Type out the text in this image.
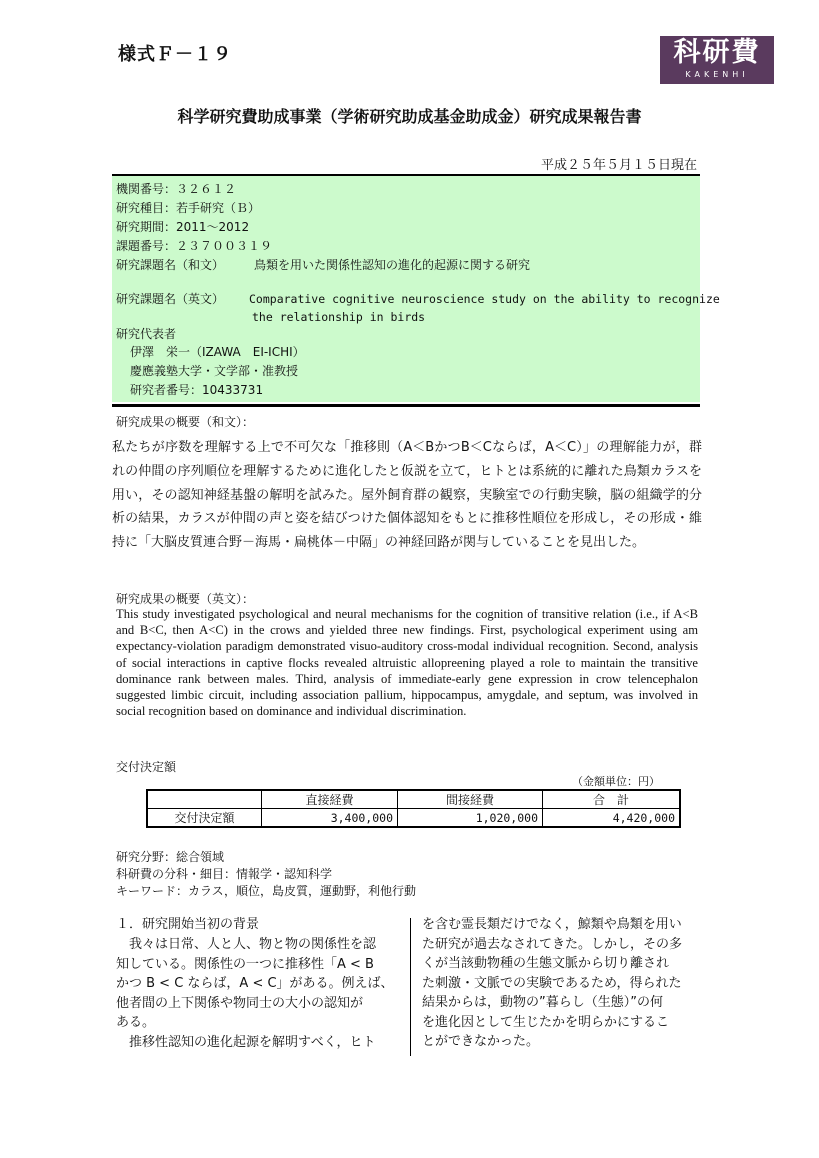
様式Ｆ－１９	科研費
KAKENHI
科学研究費助成事業（学術研究助成基金助成金）研究成果報告書
平成２５年５月１５日現在
機関番号：３２６１２
研究種目：若手研究（Ｂ）
研究期間：2011～2012
課題番号：２３７００３１９
研究課題名（和文） 鳥類を用いた関係性認知の進化的起源に関する研究
研究課題名（英文） Comparative cognitive neuroscience study on the ability to recognize
the relationship in birds
研究代表者
伊澤　栄一（IZAWA　EI-ICHI）
慶應義塾大学・文学部・准教授
研究者番号：10433731
研究成果の概要（和文）：
私たちが序数を理解する上で不可欠な「推移則（A＜BかつB＜Cならば，A＜C）」の理解能力が，群れの仲間の序列順位を理解するために進化したと仮説を立て，ヒトとは系統的に離れた鳥類カラスを用い，その認知神経基盤の解明を試みた。屋外飼育群の観察，実験室での行動実験，脳の組織学的分析の結果，カラスが仲間の声と姿を結びつけた個体認知をもとに推移性順位を形成し，その形成・維持に「大脳皮質連合野－海馬・扁桃体－中隔」の神経回路が関与していることを見出した。
研究成果の概要（英文）：
This study investigated psychological and neural mechanisms for the cognition of transitive relation (i.e., if A<B and B<C, then A<C) in the crows and yielded three new findings. First, psychological experiment using am expectancy-violation paradigm demonstrated visuo-auditory cross-modal individual recognition. Second, analysis of social interactions in captive flocks revealed altruistic allopreening played a role to maintain the transitive dominance rank between males. Third, analysis of immediate-early gene expression in crow telencephalon suggested limbic circuit, including association pallium, hippocampus, amygdale, and septum, was involved in social recognition based on dominance and individual discrimination.
交付決定額
（金額単位：円）
	直接経費	間接経費	合　計
交付決定額	3,400,000	1,020,000	4,420,000
研究分野：総合領域
科研費の分科・細目：情報学・認知科学
キーワード：カラス，順位，島皮質，運動野，利他行動
１．研究開始当初の背景
　我々は日常、人と人、物と物の関係性を認
知している。関係性の一つに推移性「A < B
かつ B < C ならば，A < C」がある。例えば、
他者間の上下関係や物同士の大小の認知が
ある。
　推移性認知の進化起源を解明すべく，ヒト
を含む霊長類だけでなく，鯨類や鳥類を用い
た研究が過去なされてきた。しかし，その多
くが当該動物種の生態文脈から切り離され
た刺激・文脈での実験であるため，得られた
結果からは，動物の”暮らし（生態）”の何
を進化因として生じたかを明らかにするこ
とができなかった。
